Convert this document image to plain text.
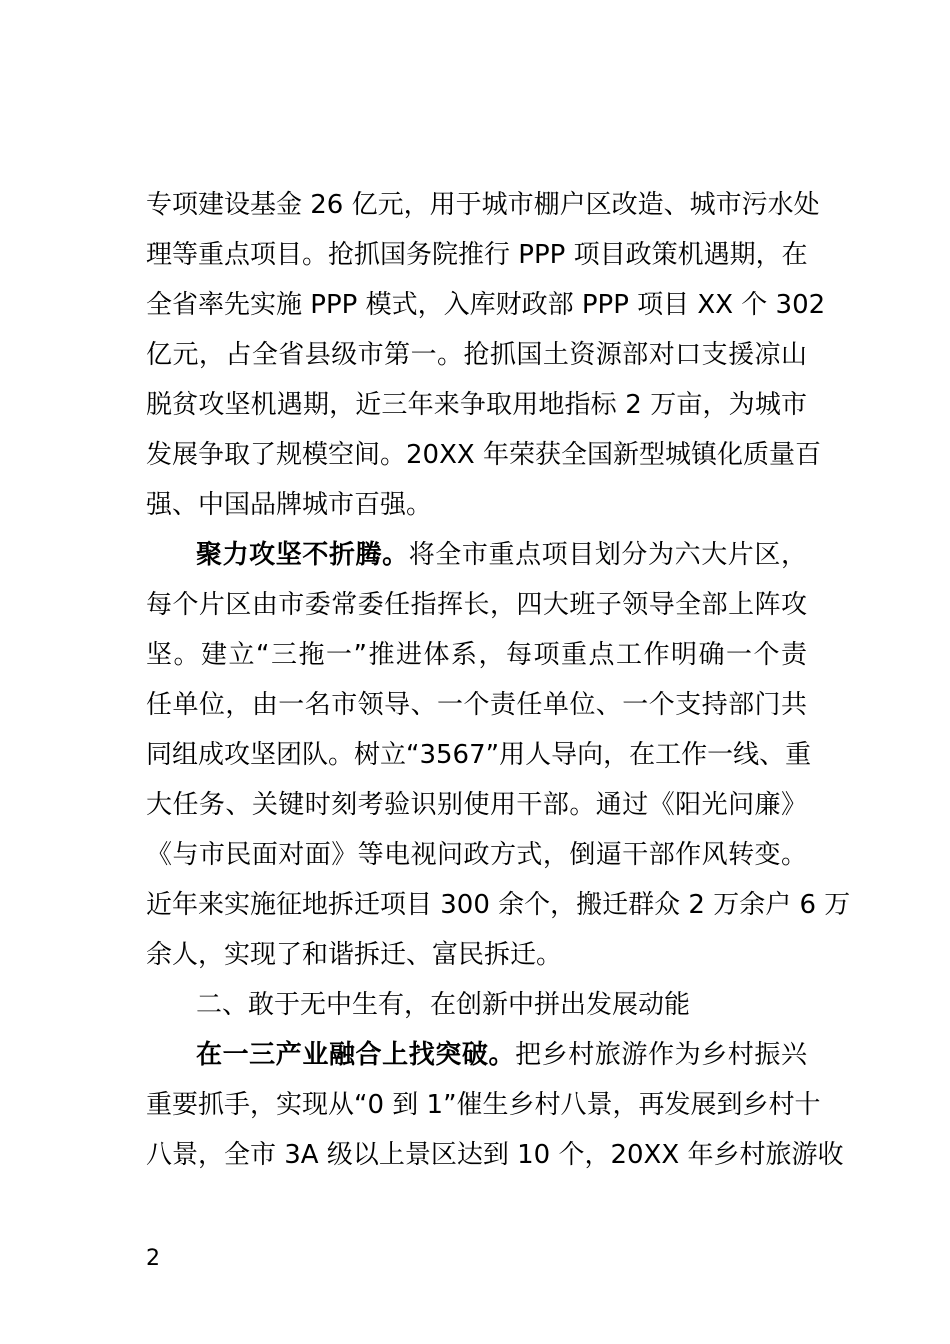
专项建设基金 26 亿元，用于城市棚户区改造、城市污水处
理等重点项目。抢抓国务院推行 PPP 项目政策机遇期，在
全省率先实施 PPP 模式，入库财政部 PPP 项目 XX 个 302
亿元，占全省县级市第一。抢抓国土资源部对口支援凉山
脱贫攻坚机遇期，近三年来争取用地指标 2 万亩，为城市
发展争取了规模空间。20XX 年荣获全国新型城镇化质量百
强、中国品牌城市百强。
聚力攻坚不折腾。将全市重点项目划分为六大片区，
每个片区由市委常委任指挥长，四大班子领导全部上阵攻
坚。建立“三拖一”推进体系，每项重点工作明确一个责
任单位，由一名市领导、一个责任单位、一个支持部门共
同组成攻坚团队。树立“3567”用人导向，在工作一线、重
大任务、关键时刻考验识别使用干部。通过《阳光问廉》
《与市民面对面》等电视问政方式，倒逼干部作风转变。
近年来实施征地拆迁项目 300 余个，搬迁群众 2 万余户 6 万
余人，实现了和谐拆迁、富民拆迁。
二、敢于无中生有，在创新中拼出发展动能
在一三产业融合上找突破。把乡村旅游作为乡村振兴
重要抓手，实现从“0 到 1”催生乡村八景，再发展到乡村十
八景，全市 3A 级以上景区达到 10 个，20XX 年乡村旅游收
2
